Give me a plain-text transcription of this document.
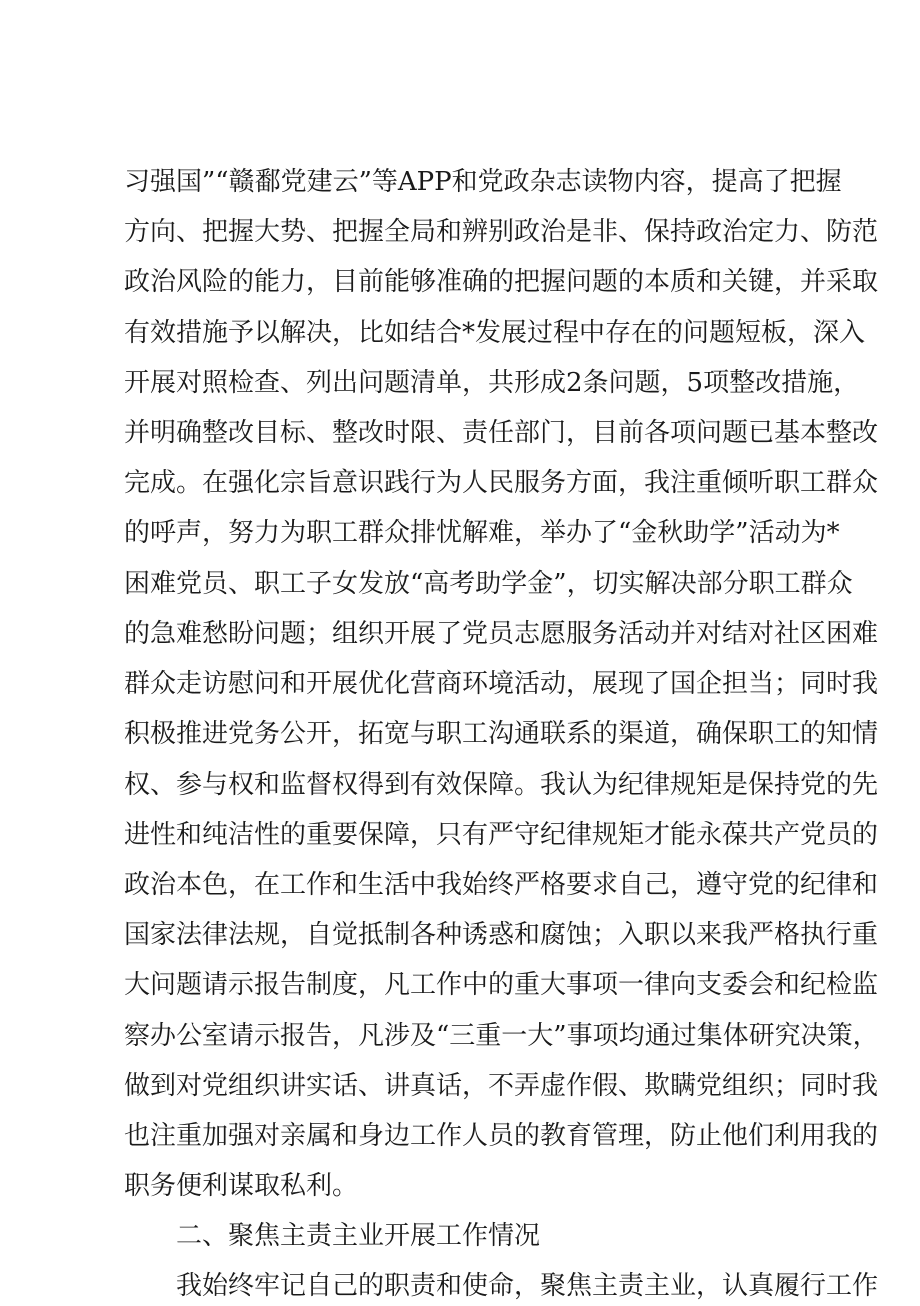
习强国”“赣鄱党建云”等APP和党政杂志读物内容，提高了把握
方向、把握大势、把握全局和辨别政治是非、保持政治定力、防范
政治风险的能力，目前能够准确的把握问题的本质和关键，并采取
有效措施予以解决，比如结合*发展过程中存在的问题短板，深入
开展对照检查、列出问题清单，共形成2条问题，5项整改措施，
并明确整改目标、整改时限、责任部门，目前各项问题已基本整改
完成。在强化宗旨意识践行为人民服务方面，我注重倾听职工群众
的呼声，努力为职工群众排忧解难，举办了“金秋助学”活动为*
困难党员、职工子女发放“高考助学金”，切实解决部分职工群众
的急难愁盼问题；组织开展了党员志愿服务活动并对结对社区困难
群众走访慰问和开展优化营商环境活动，展现了国企担当；同时我
积极推进党务公开，拓宽与职工沟通联系的渠道，确保职工的知情
权、参与权和监督权得到有效保障。我认为纪律规矩是保持党的先
进性和纯洁性的重要保障，只有严守纪律规矩才能永葆共产党员的
政治本色，在工作和生活中我始终严格要求自己，遵守党的纪律和
国家法律法规，自觉抵制各种诱惑和腐蚀；入职以来我严格执行重
大问题请示报告制度，凡工作中的重大事项一律向支委会和纪检监
察办公室请示报告，凡涉及“三重一大”事项均通过集体研究决策，
做到对党组织讲实话、讲真话，不弄虚作假、欺瞒党组织；同时我
也注重加强对亲属和身边工作人员的教育管理，防止他们利用我的
职务便利谋取私利。
二、聚焦主责主业开展工作情况
我始终牢记自己的职责和使命，聚焦主责主业，认真履行工作
